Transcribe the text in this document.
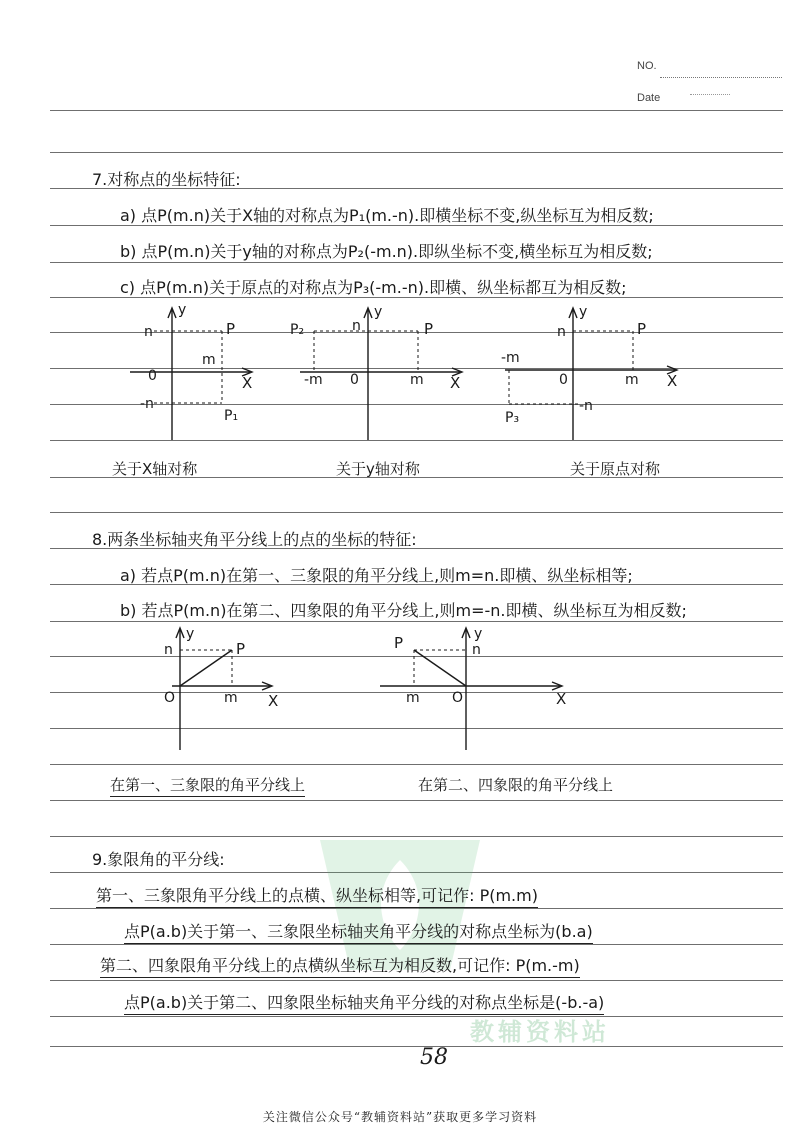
NO.
Date
教辅资料站
7.对称点的坐标特征:
a) 点P(m.n)关于X轴的对称点为P₁(m.-n).即横坐标不变,纵坐标互为相反数;
b) 点P(m.n)关于y轴的对称点为P₂(-m.n).即纵坐标不变,横坐标互为相反数;
c) 点P(m.n)关于原点的对称点为P₃(-m.-n).即横、纵坐标都互为相反数;
y
X
n
-n
m
0
P
P₁
P₂	n
y
P
-m 0	m X
n
y
P
-m
0	m X
-n
P₃
关于X轴对称	关于y轴对称	关于原点对称
8.两条坐标轴夹角平分线上的点的坐标的特征:
a) 若点P(m.n)在第一、三象限的角平分线上,则m=n.即横、纵坐标相等;
b) 若点P(m.n)在第二、四象限的角平分线上,则m=-n.即横、纵坐标互为相反数;
y
n	P
O	m X
P	n
y
m O	X
在第一、三象限的角平分线上	在第二、四象限的角平分线上
9.象限角的平分线:
第一、三象限角平分线上的点横、纵坐标相等,可记作: P(m.m)
点P(a.b)关于第一、三象限坐标轴夹角平分线的对称点坐标为(b.a)
第二、四象限角平分线上的点横纵坐标互为相反数,可记作: P(m.-m)
点P(a.b)关于第二、四象限坐标轴夹角平分线的对称点坐标是(-b.-a)
58
关注微信公众号“教辅资料站”获取更多学习资料
